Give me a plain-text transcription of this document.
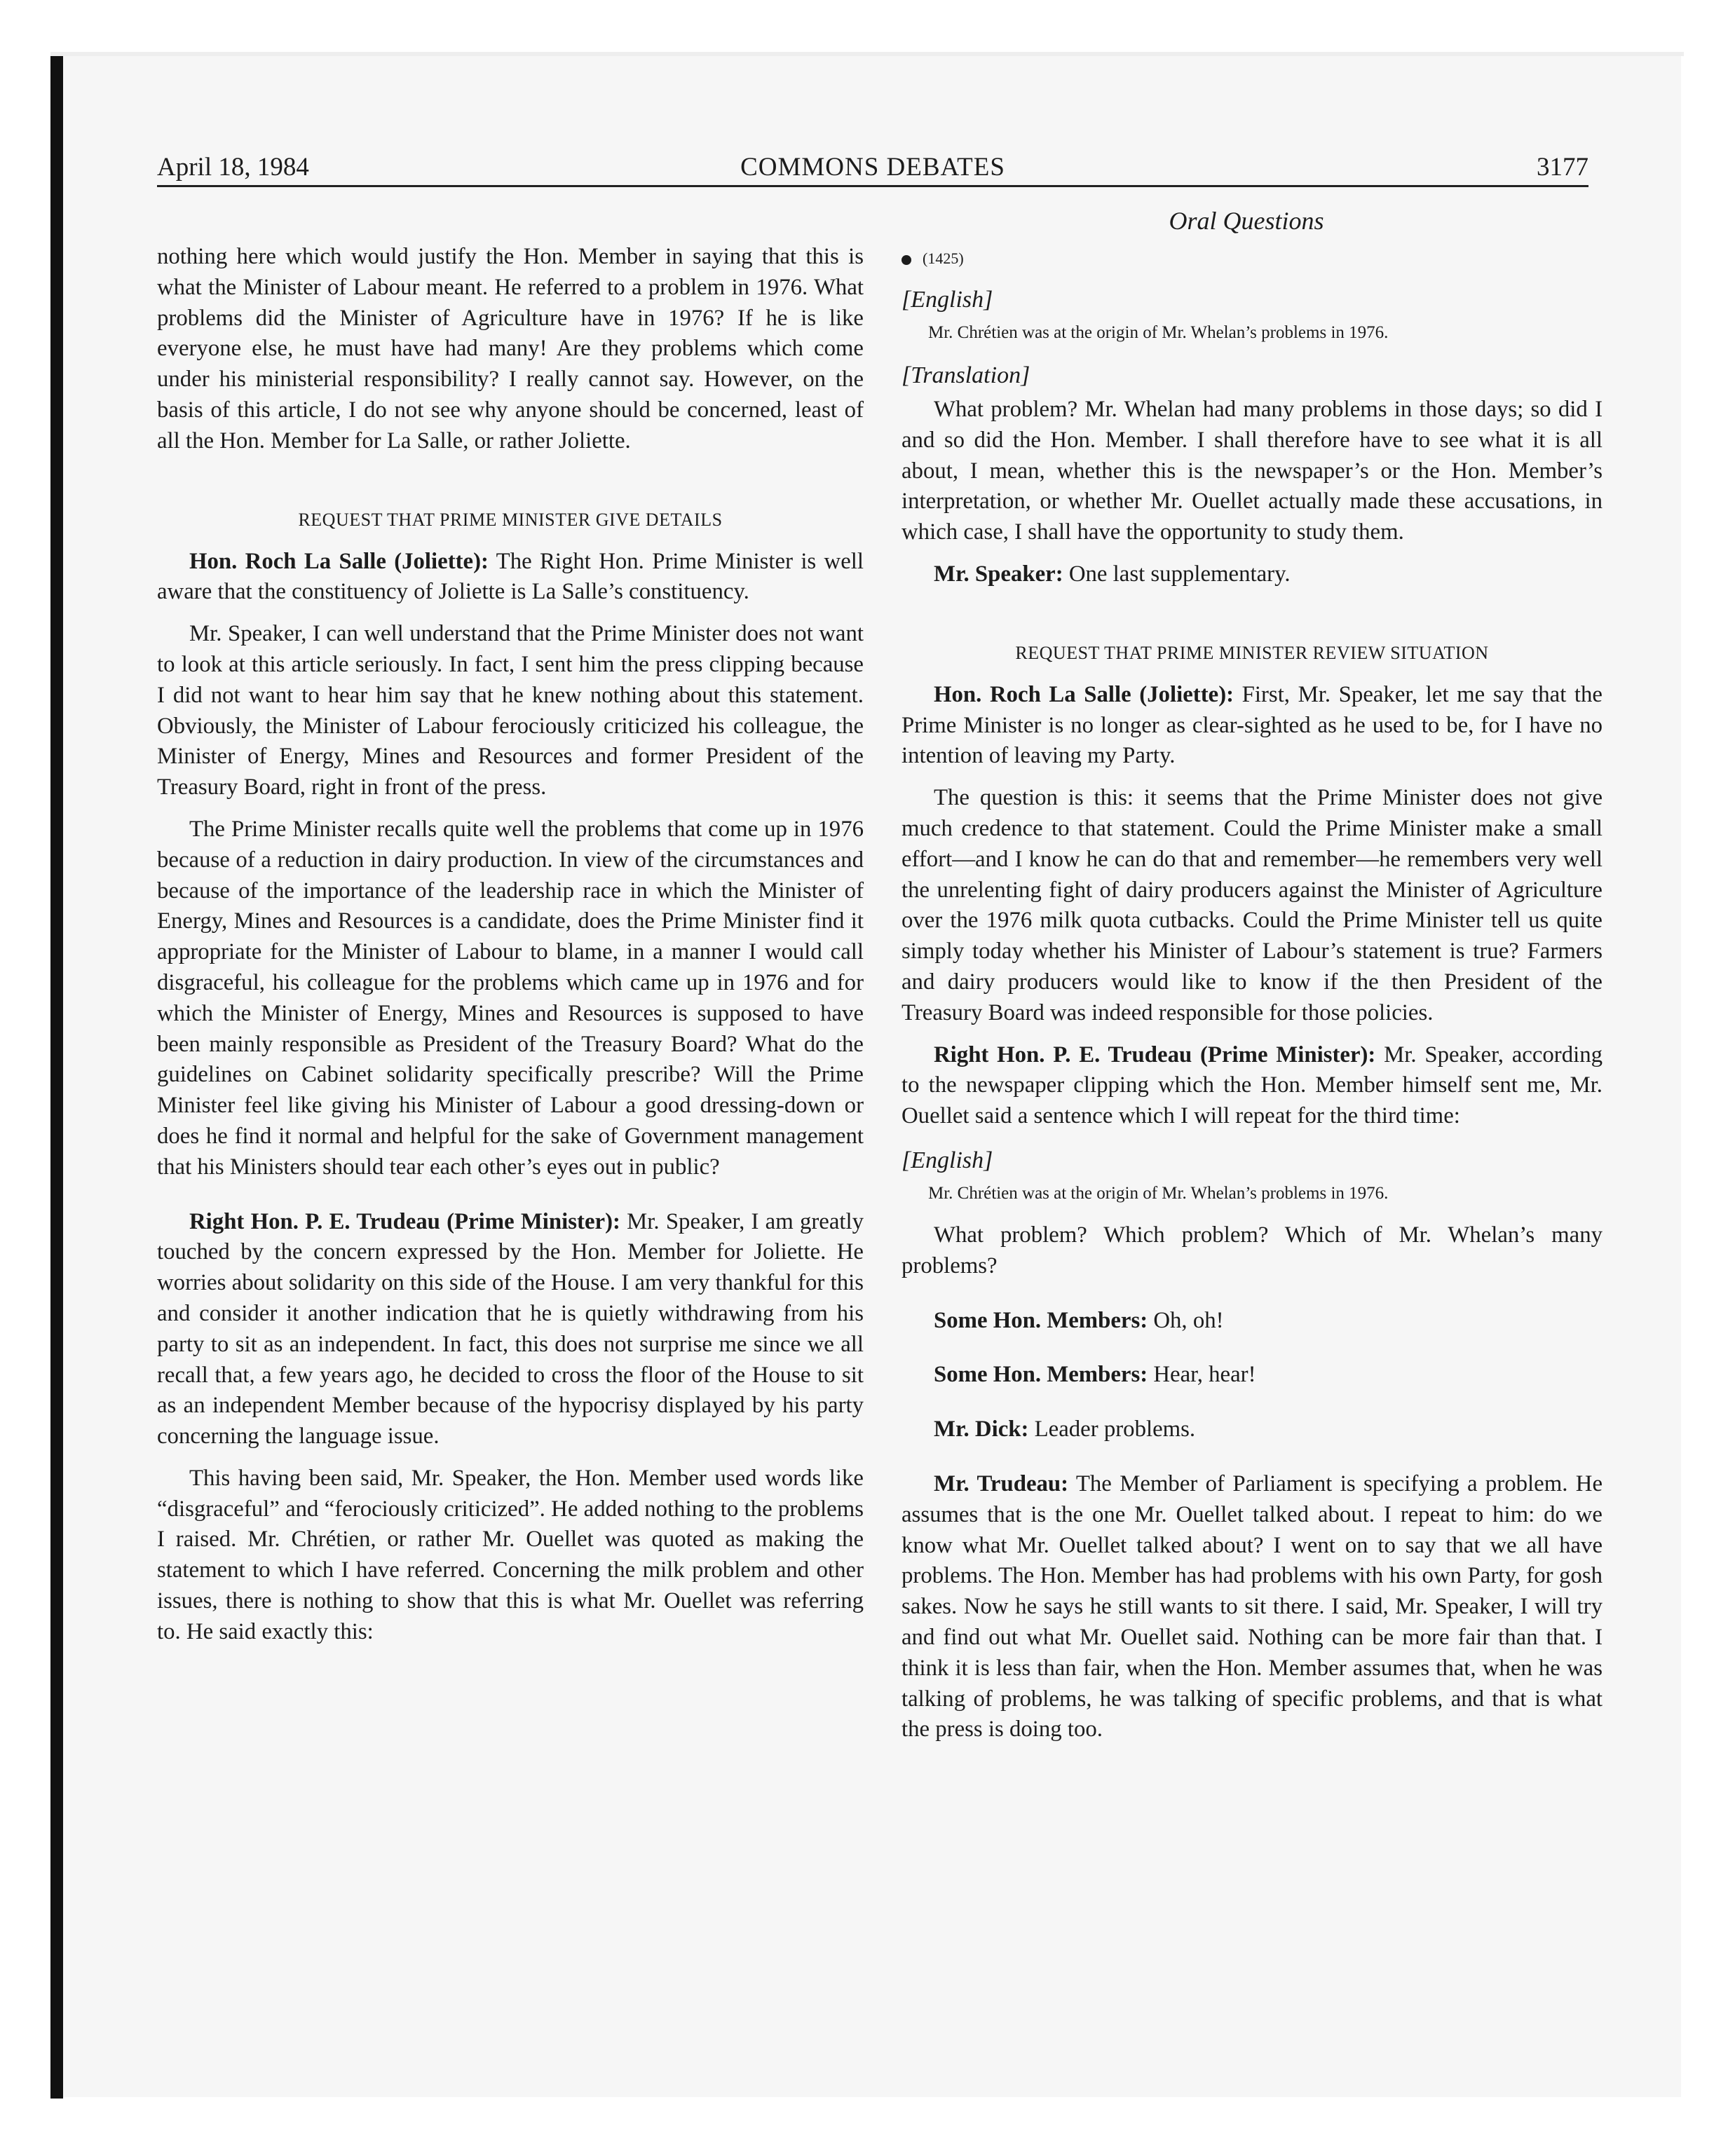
April 18, 1984	COMMONS DEBATES	3177
Oral Questions

nothing here which would justify the Hon. Member in saying that this is what the Minister of Labour meant. He referred to a problem in 1976. What problems did the Minister of Agriculture have in 1976? If he is like everyone else, he must have had many! Are they problems which come under his ministerial responsibility? I really cannot say. However, on the basis of this article, I do not see why anyone should be concerned, least of all the Hon. Member for La Salle, or rather Joliette.

REQUEST THAT PRIME MINISTER GIVE DETAILS

Hon. Roch La Salle (Joliette): The Right Hon. Prime Minister is well aware that the constituency of Joliette is La Salle’s constituency.

Mr. Speaker, I can well understand that the Prime Minister does not want to look at this article seriously. In fact, I sent him the press clipping because I did not want to hear him say that he knew nothing about this statement. Obviously, the Minister of Labour ferociously criticized his colleague, the Minister of Energy, Mines and Resources and former President of the Treasury Board, right in front of the press.

The Prime Minister recalls quite well the problems that come up in 1976 because of a reduction in dairy production. In view of the circumstances and because of the importance of the leadership race in which the Minister of Energy, Mines and Resources is a candidate, does the Prime Minister find it appropriate for the Minister of Labour to blame, in a manner I would call disgraceful, his colleague for the problems which came up in 1976 and for which the Minister of Energy, Mines and Resources is supposed to have been mainly responsible as President of the Treasury Board? What do the guidelines on Cabinet solidarity specifically prescribe? Will the Prime Minister feel like giving his Minister of Labour a good dressing-down or does he find it normal and helpful for the sake of Government management that his Ministers should tear each other’s eyes out in public?

Right Hon. P. E. Trudeau (Prime Minister): Mr. Speaker, I am greatly touched by the concern expressed by the Hon. Member for Joliette. He worries about solidarity on this side of the House. I am very thankful for this and consider it another indication that he is quietly withdrawing from his party to sit as an independent. In fact, this does not surprise me since we all recall that, a few years ago, he decided to cross the floor of the House to sit as an independent Member because of the hypocrisy displayed by his party concerning the language issue.

This having been said, Mr. Speaker, the Hon. Member used words like “disgraceful” and “ferociously criticized”. He added nothing to the problems I raised. Mr. Chrétien, or rather Mr. Ouellet was quoted as making the statement to which I have referred. Concerning the milk problem and other issues, there is nothing to show that this is what Mr. Ouellet was referring to. He said exactly this:

(1425)
[English]
Mr. Chrétien was at the origin of Mr. Whelan’s problems in 1976.
[Translation]

What problem? Mr. Whelan had many problems in those days; so did I and so did the Hon. Member. I shall therefore have to see what it is all about, I mean, whether this is the newspaper’s or the Hon. Member’s interpretation, or whether Mr. Ouellet actually made these accusations, in which case, I shall have the opportunity to study them.

Mr. Speaker: One last supplementary.

REQUEST THAT PRIME MINISTER REVIEW SITUATION

Hon. Roch La Salle (Joliette): First, Mr. Speaker, let me say that the Prime Minister is no longer as clear-sighted as he used to be, for I have no intention of leaving my Party.

The question is this: it seems that the Prime Minister does not give much credence to that statement. Could the Prime Minister make a small effort—and I know he can do that and remember—he remembers very well the unrelenting fight of dairy producers against the Minister of Agriculture over the 1976 milk quota cutbacks. Could the Prime Minister tell us quite simply today whether his Minister of Labour’s statement is true? Farmers and dairy producers would like to know if the then President of the Treasury Board was indeed responsible for those policies.

Right Hon. P. E. Trudeau (Prime Minister): Mr. Speaker, according to the newspaper clipping which the Hon. Member himself sent me, Mr. Ouellet said a sentence which I will repeat for the third time:

[English]
Mr. Chrétien was at the origin of Mr. Whelan’s problems in 1976.

What problem? Which problem? Which of Mr. Whelan’s many problems?

Some Hon. Members: Oh, oh!

Some Hon. Members: Hear, hear!

Mr. Dick: Leader problems.

Mr. Trudeau: The Member of Parliament is specifying a problem. He assumes that is the one Mr. Ouellet talked about. I repeat to him: do we know what Mr. Ouellet talked about? I went on to say that we all have problems. The Hon. Member has had problems with his own Party, for gosh sakes. Now he says he still wants to sit there. I said, Mr. Speaker, I will try and find out what Mr. Ouellet said. Nothing can be more fair than that. I think it is less than fair, when the Hon. Member assumes that, when he was talking of problems, he was talking of specific problems, and that is what the press is doing too.
